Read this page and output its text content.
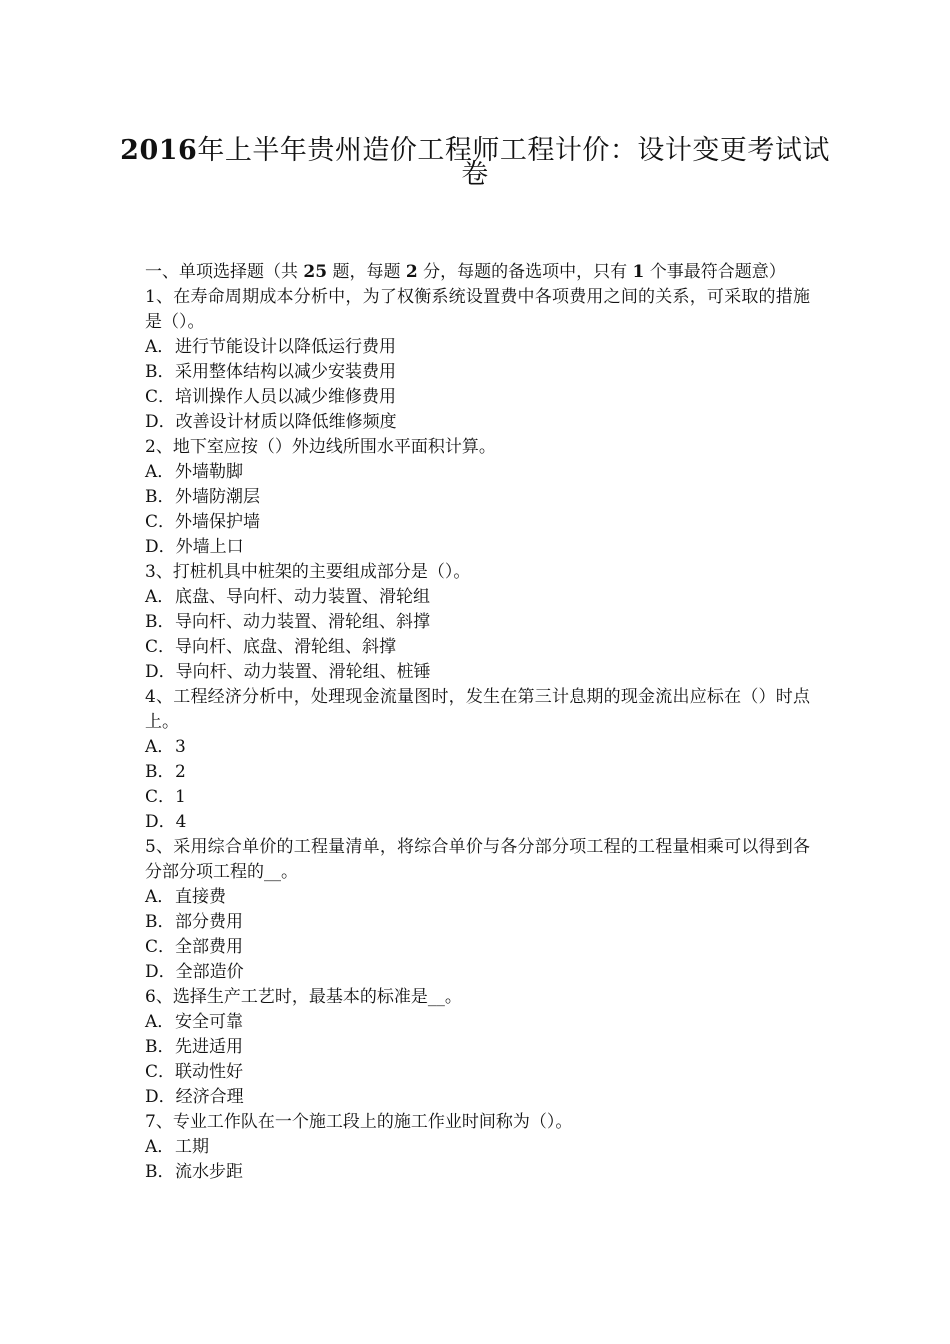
2016年上半年贵州造价工程师工程计价：设计变更考试试
卷
一、单项选择题（共 25 题，每题 2 分，每题的备选项中，只有 1 个事最符合题意）
1、在寿命周期成本分析中，为了权衡系统设置费中各项费用之间的关系，可采取的措施是（）。
A．进行节能设计以降低运行费用
B．采用整体结构以减少安装费用
C．培训操作人员以减少维修费用
D．改善设计材质以降低维修频度
2、地下室应按（）外边线所围水平面积计算。
A．外墙勒脚
B．外墙防潮层
C．外墙保护墙
D．外墙上口
3、打桩机具中桩架的主要组成部分是（）。
A．底盘、导向杆、动力装置、滑轮组
B．导向杆、动力装置、滑轮组、斜撑
C．导向杆、底盘、滑轮组、斜撑
D．导向杆、动力装置、滑轮组、桩锤
4、工程经济分析中，处理现金流量图时，发生在第三计息期的现金流出应标在（）时点上。
A．3
B．2
C．1
D．4
5、采用综合单价的工程量清单，将综合单价与各分部分项工程的工程量相乘可以得到各分部分项工程的__。
A．直接费
B．部分费用
C．全部费用
D．全部造价
6、选择生产工艺时，最基本的标准是__。
A．安全可靠
B．先进适用
C．联动性好
D．经济合理
7、专业工作队在一个施工段上的施工作业时间称为（）。
A．工期
B．流水步距
